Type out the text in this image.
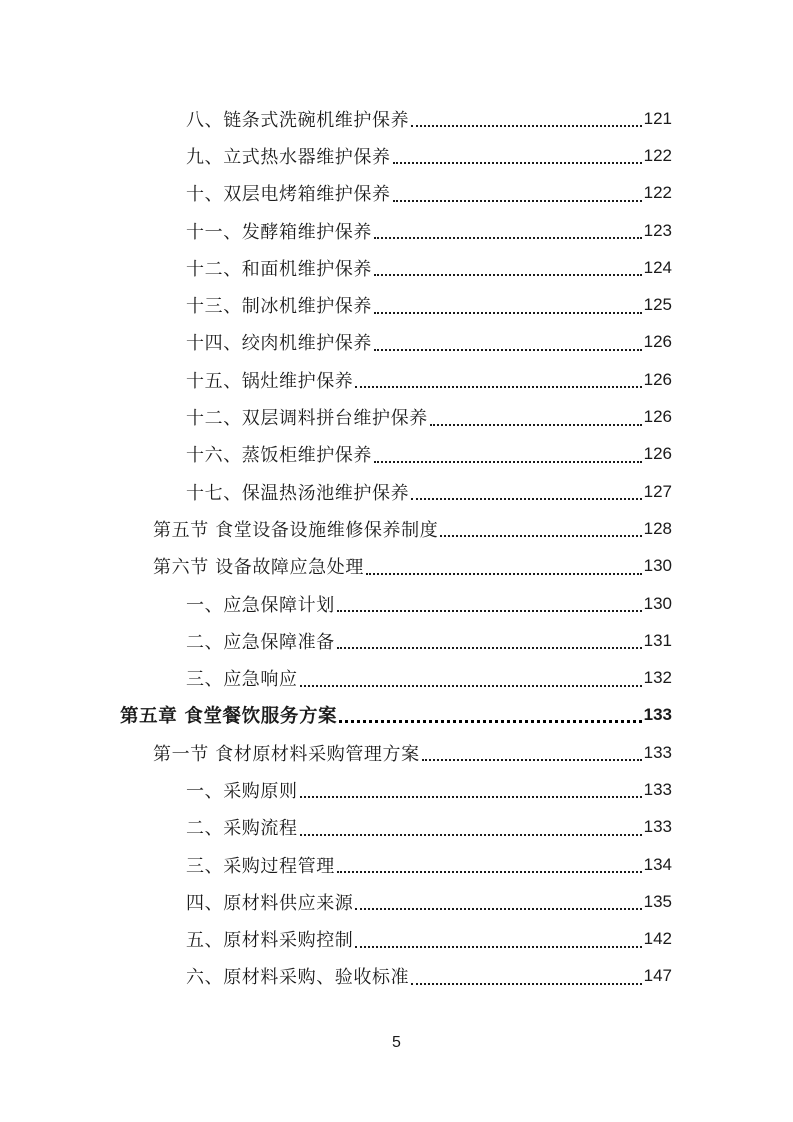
八、链条式洗碗机维护保养	121
九、立式热水器维护保养	122
十、双层电烤箱维护保养	122
十一、发酵箱维护保养	123
十二、和面机维护保养	124
十三、制冰机维护保养	125
十四、绞肉机维护保养	126
十五、锅灶维护保养	126
十二、双层调料拼台维护保养	126
十六、蒸饭柜维护保养	126
十七、保温热汤池维护保养	127
第五节 食堂设备设施维修保养制度	128
第六节 设备故障应急处理	130
一、应急保障计划	130
二、应急保障准备	131
三、应急响应	132
第五章 食堂餐饮服务方案	133
第一节 食材原材料采购管理方案	133
一、采购原则	133
二、采购流程	133
三、采购过程管理	134
四、原材料供应来源	135
五、原材料采购控制	142
六、原材料采购、验收标准	147
5
